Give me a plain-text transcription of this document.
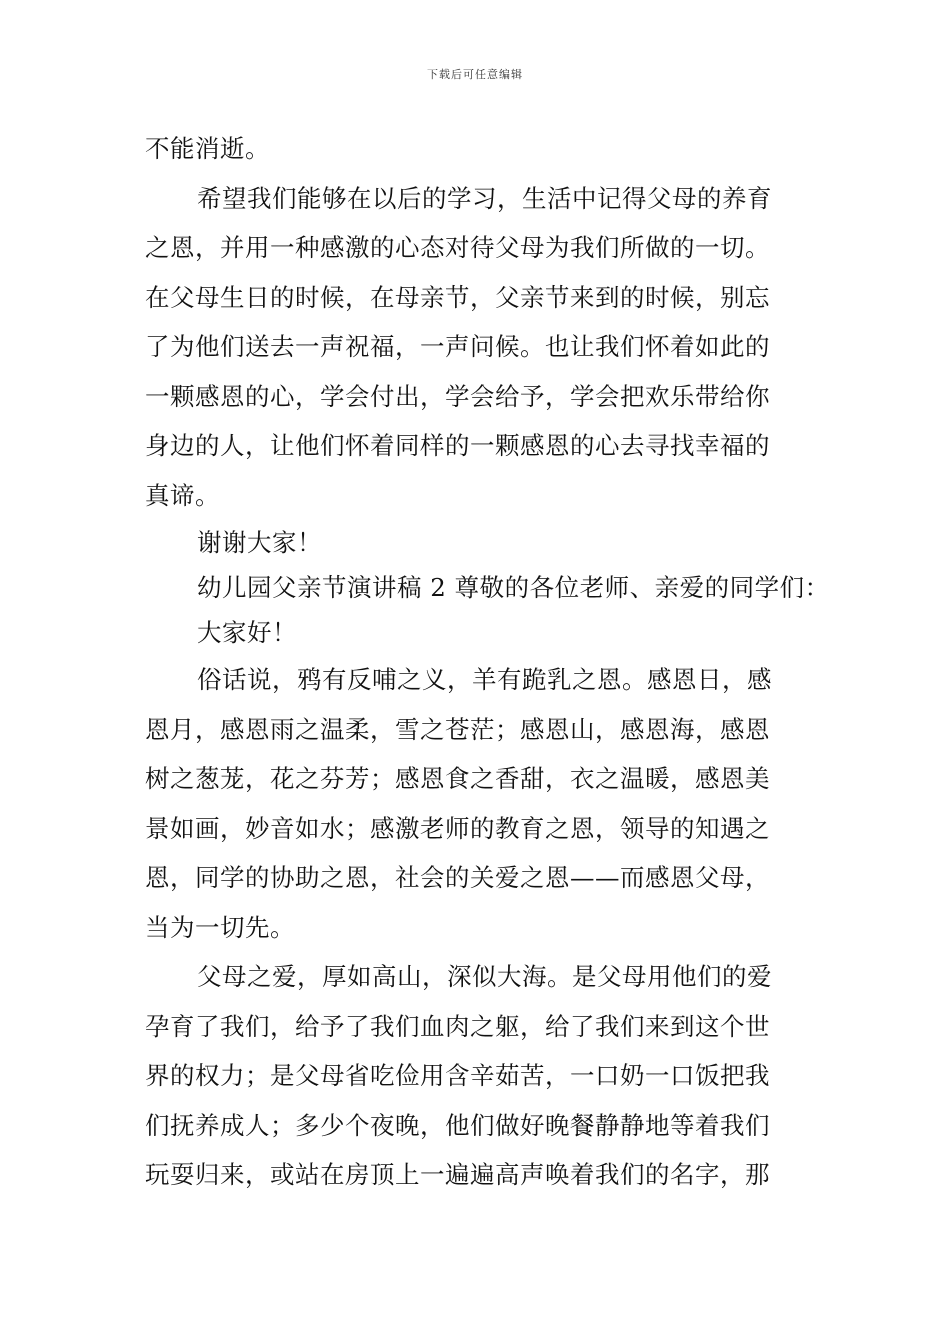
下载后可任意编辑
不能消逝。
希望我们能够在以后的学习，生活中记得父母的养育
之恩，并用一种感激的心态对待父母为我们所做的一切。
在父母生日的时候，在母亲节，父亲节来到的时候，别忘
了为他们送去一声祝福，一声问候。也让我们怀着如此的
一颗感恩的心，学会付出，学会给予，学会把欢乐带给你
身边的人，让他们怀着同样的一颗感恩的心去寻找幸福的
真谛。
谢谢大家！
幼儿园父亲节演讲稿 2 尊敬的各位老师、亲爱的同学们：
大家好！
俗话说，鸦有反哺之义，羊有跪乳之恩。感恩日，感
恩月，感恩雨之温柔，雪之苍茫；感恩山，感恩海，感恩
树之葱茏，花之芬芳；感恩食之香甜，衣之温暖，感恩美
景如画，妙音如水；感激老师的教育之恩，领导的知遇之
恩，同学的协助之恩，社会的关爱之恩——而感恩父母，
当为一切先。
父母之爱，厚如高山，深似大海。是父母用他们的爱
孕育了我们，给予了我们血肉之躯，给了我们来到这个世
界的权力；是父母省吃俭用含辛茹苦，一口奶一口饭把我
们抚养成人；多少个夜晚，他们做好晚餐静静地等着我们
玩耍归来，或站在房顶上一遍遍高声唤着我们的名字，那
